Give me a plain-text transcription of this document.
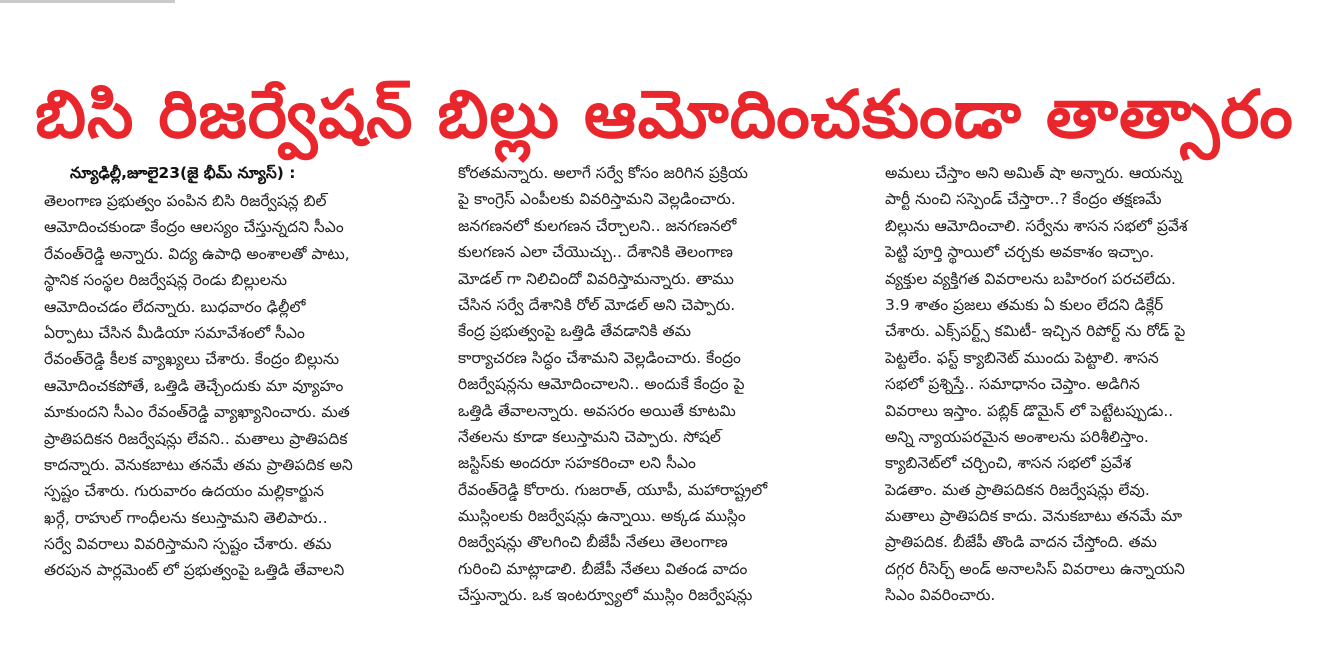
బిసి రిజర్వేషన్ బిల్లు ఆమోదించకుండా తాత్సారం
న్యూఢిల్లీ,జూలై23(జై భీమ్ న్యూస్) :
తెలంగాణ ప్రభుత్వం పంపిన బిసి రిజర్వేషన్ల బిల్
ఆమోదించకుండా కేంద్రం ఆలస్యం చేస్తున్నదని సీఎం
రేవంత్‌రెడ్డి అన్నారు. విద్య ఉపాధి అంశాలతో పాటు,
స్థానిక సంస్థల రిజర్వేషన్ల రెండు బిల్లులను
ఆమోదించడం లేదన్నారు. బుధవారం ఢిల్లీలో
ఏర్పాటు చేసిన మీడియా సమావేశంలో సీఎం
రేవంత్‌రెడ్డి కీలక వ్యాఖ్యలు చేశారు. కేంద్రం బిల్లును
ఆమోదించకపోతే, ఒత్తిడి తెచ్చేందుకు మా వ్యూహం
మాకుందని సీఎం రేవంత్‌రెడ్డి వ్యాఖ్యానించారు. మత
ప్రాతిపదికన రిజర్వేషన్లు లేవని.. మతాలు ప్రాతిపదిక
కాదన్నారు. వెనుకబాటు తనమే తమ ప్రాతిపదిక అని
స్పష్టం చేశారు. గురువారం ఉదయం మల్లికార్జున
ఖర్గే, రాహుల్ గాంధీలను కలుస్తామని తెలిపారు..
సర్వే వివరాలు వివరిస్తామని స్పష్టం చేశారు. తమ
తరపున పార్లమెంట్ లో ప్రభుత్వంపై ఒత్తిడి తేవాలని
కోరతమన్నారు. అలాగే సర్వే కోసం జరిగిన ప్రక్రియ
పై కాంగ్రెస్ ఎంపీలకు వివరిస్తామని వెల్లడించారు.
జనగణనలో కులగణన చేర్చాలని.. జనగణనలో
కులగణన ఎలా చేయొచ్చు.. దేశానికి తెలంగాణ
మోడల్ గా నిలిచిందో వివరిస్తామన్నారు. తాము
చేసిన సర్వే దేశానికి రోల్ మోడల్ అని చెప్పారు.
కేంద్ర ప్రభుత్వంపై ఒత్తిడి తేవడానికి తమ
కార్యాచరణ సిద్ధం చేశామని వెల్లడించారు. కేంద్రం
రిజర్వేషన్లను ఆమోదించాలని.. అందుకే కేంద్రం పై
ఒత్తిడి తేవాలన్నారు. అవసరం అయితే కూటమి
నేతలను కూడా కలుస్తామని చెప్పారు. సోషల్
జస్టిస్‌కు అందరూ సహకరించా లని సీఎం
రేవంత్‌రెడ్డి కోరారు. గుజరాత్, యూపీ, మహారాష్ట్రలో
ముస్లింలకు రిజర్వేషన్లు ఉన్నాయి. అక్కడ ముస్లిం
రిజర్వేషన్లు తొలగించి బీజేపీ నేతలు తెలంగాణ
గురించి మాట్లాడాలి. బీజేపీ నేతలు వితండ వాదం
చేస్తున్నారు. ఒక ఇంటర్వ్యూలో ముస్లిం రిజర్వేషన్లు
అమలు చేస్తాం అని అమిత్ షా అన్నారు. ఆయన్ను
పార్టీ నుంచి సస్పెండ్ చేస్తారా..? కేంద్రం తక్షణమే
బిల్లును ఆమోదించాలి. సర్వేను శాసన సభలో ప్రవేశ
పెట్టి పూర్తి స్థాయిలో చర్చకు అవకాశం ఇచ్చాం.
వ్యక్తుల వ్యక్తిగత వివరాలను బహిరంగ పరచలేదు.
3.9 శాతం ప్రజలు తమకు ఏ కులం లేదని డిక్లేర్
చేశారు. ఎక్స్‌పర్ట్స్ కమిటీ- ఇచ్చిన రిపోర్ట్ ను రోడ్ పై
పెట్టలేం. ఫస్ట్ క్యాబినెట్ ముందు పెట్టాలి. శాసన
సభలో ప్రశ్నిస్తే.. సమాధానం చెప్తాం. అడిగిన
వివరాలు ఇస్తాం. పబ్లిక్ డొమైన్ లో పెట్టేటప్పుడు..
అన్ని న్యాయపరమైన అంశాలను పరిశీలిస్తాం.
క్యాబినెట్‌లో చర్చించి, శాసన సభలో ప్రవేశ
పెడతాం. మత ప్రాతిపదికన రిజర్వేషన్లు లేవు.
మతాలు ప్రాతిపదిక కాదు. వెనుకబాటు తనమే మా
ప్రాతిపదిక. బీజేపీ తొండి వాదన చేస్తోంది. తమ
దగ్గర రీసెర్చ్ అండ్ అనాలసిస్ వివరాలు ఉన్నాయని
సిఎం వివరించారు.
